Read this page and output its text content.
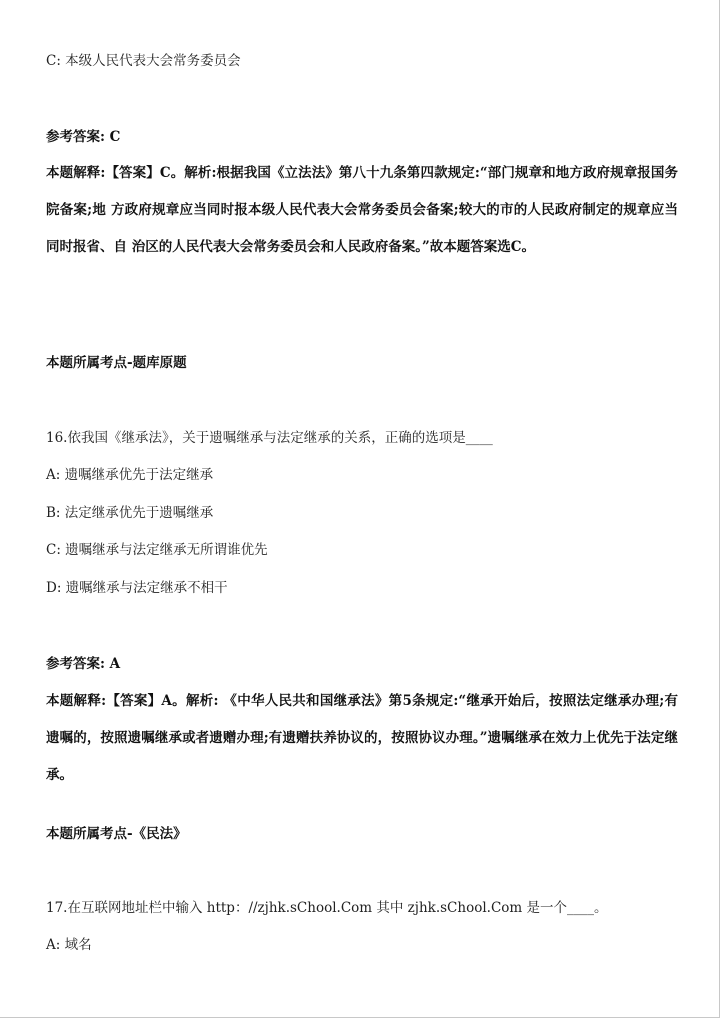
C: 本级人民代表大会常务委员会
参考答案: C
本题解释:【答案】C。解析:根据我国《立法法》第八十九条第四款规定:“部门规章和地方政府规章报国务院备案;地 方政府规章应当同时报本级人民代表大会常务委员会备案;较大的市的人民政府制定的规章应当同时报省、自 治区的人民代表大会常务委员会和人民政府备案。”故本题答案选C。
本题所属考点-题库原题
16.依我国《继承法》，关于遗嘱继承与法定继承的关系，正确的选项是____
A: 遗嘱继承优先于法定继承
B: 法定继承优先于遗嘱继承
C: 遗嘱继承与法定继承无所谓谁优先
D: 遗嘱继承与法定继承不相干
参考答案: A
本题解释:【答案】A。解析: 《中华人民共和国继承法》第5条规定:“继承开始后，按照法定继承办理;有遗嘱的，按照遗嘱继承或者遗赠办理;有遗赠扶养协议的，按照协议办理。”遗嘱继承在效力上优先于法定继承。
本题所属考点-《民法》
17.在互联网地址栏中输入 http：//zjhk.sChool.Com 其中 zjhk.sChool.Com 是一个____。
A: 域名
